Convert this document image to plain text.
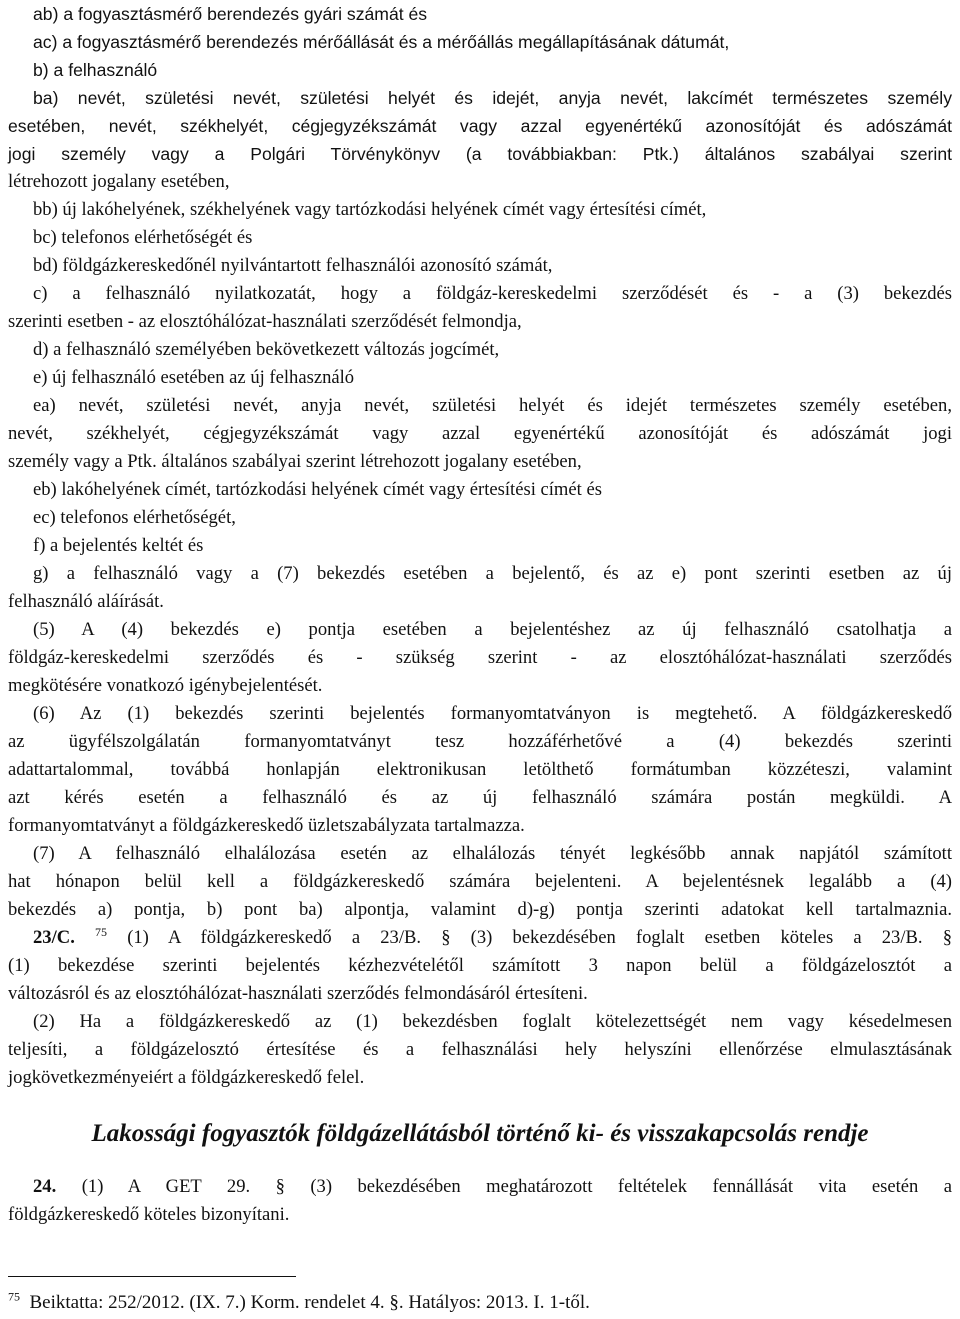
ab) a fogyasztásmérő berendezés gyári számát és
ac) a fogyasztásmérő berendezés mérőállását és a mérőállás megállapításának dátumát,
b) a felhasználó
ba) nevét, születési nevét, születési helyét és idejét, anyja nevét, lakcímét természetes személy
esetében, nevét, székhelyét, cégjegyzékszámát vagy azzal egyenértékű azonosítóját és adószámát
jogi személy vagy a Polgári Törvénykönyv (a továbbiakban: Ptk.) általános szabályai szerint
létrehozott jogalany esetében,
bb) új lakóhelyének, székhelyének vagy tartózkodási helyének címét vagy értesítési címét,
bc) telefonos elérhetőségét és
bd) földgázkereskedőnél nyilvántartott felhasználói azonosító számát,
c) a felhasználó nyilatkozatát, hogy a földgáz-kereskedelmi szerződését és - a (3) bekezdés
szerinti esetben - az elosztóhálózat-használati szerződését felmondja,
d) a felhasználó személyében bekövetkezett változás jogcímét,
e) új felhasználó esetében az új felhasználó
ea) nevét, születési nevét, anyja nevét, születési helyét és idejét természetes személy esetében,
nevét, székhelyét, cégjegyzékszámát vagy azzal egyenértékű azonosítóját és adószámát jogi
személy vagy a Ptk. általános szabályai szerint létrehozott jogalany esetében,
eb) lakóhelyének címét, tartózkodási helyének címét vagy értesítési címét és
ec) telefonos elérhetőségét,
f) a bejelentés keltét és
g) a felhasználó vagy a (7) bekezdés esetében a bejelentő, és az e) pont szerinti esetben az új
felhasználó aláírását.
(5) A (4) bekezdés e) pontja esetében a bejelentéshez az új felhasználó csatolhatja a
földgáz-kereskedelmi szerződés és - szükség szerint - az elosztóhálózat-használati szerződés
megkötésére vonatkozó igénybejelentését.
(6) Az (1) bekezdés szerinti bejelentés formanyomtatványon is megtehető. A földgázkereskedő
az ügyfélszolgálatán formanyomtatványt tesz hozzáférhetővé a (4) bekezdés szerinti
adattartalommal, továbbá honlapján elektronikusan letölthető formátumban közzéteszi, valamint
azt kérés esetén a felhasználó és az új felhasználó számára postán megküldi. A
formanyomtatványt a földgázkereskedő üzletszabályzata tartalmazza.
(7) A felhasználó elhalálozása esetén az elhalálozás tényét legkésőbb annak napjától számított
hat hónapon belül kell a földgázkereskedő számára bejelenteni. A bejelentésnek legalább a (4)
bekezdés a) pontja, b) pont ba) alpontja, valamint d)-g) pontja szerinti adatokat kell tartalmaznia.
(1) bekezdése szerinti bejelentés kézhezvételétől számított 3 napon belül a földgázelosztót a
változásról és az elosztóhálózat-használati szerződés felmondásáról értesíteni.
(2) Ha a földgázkereskedő az (1) bekezdésben foglalt kötelezettségét nem vagy késedelmesen
teljesíti, a földgázelosztó értesítése és a felhasználási hely helyszíni ellenőrzése elmulasztásának
jogkövetkezményeiért a földgázkereskedő felel.
23/C. $^{75}$ (1) A földgázkereskedő a 23/B. § (3) bekezdésében foglalt esetben köteles a 23/B. §
Lakossági fogyasztók földgázellátásból történő ki- és visszakapcsolás rendje
24. (1) A GET 29. § (3) bekezdésében meghatározott feltételek fennállását vita esetén a
földgázkereskedő köteles bizonyítani.
$^{75}$ Beiktatta: 252/2012. (IX. 7.) Korm. rendelet 4. §. Hatályos: 2013. I. 1-től.
